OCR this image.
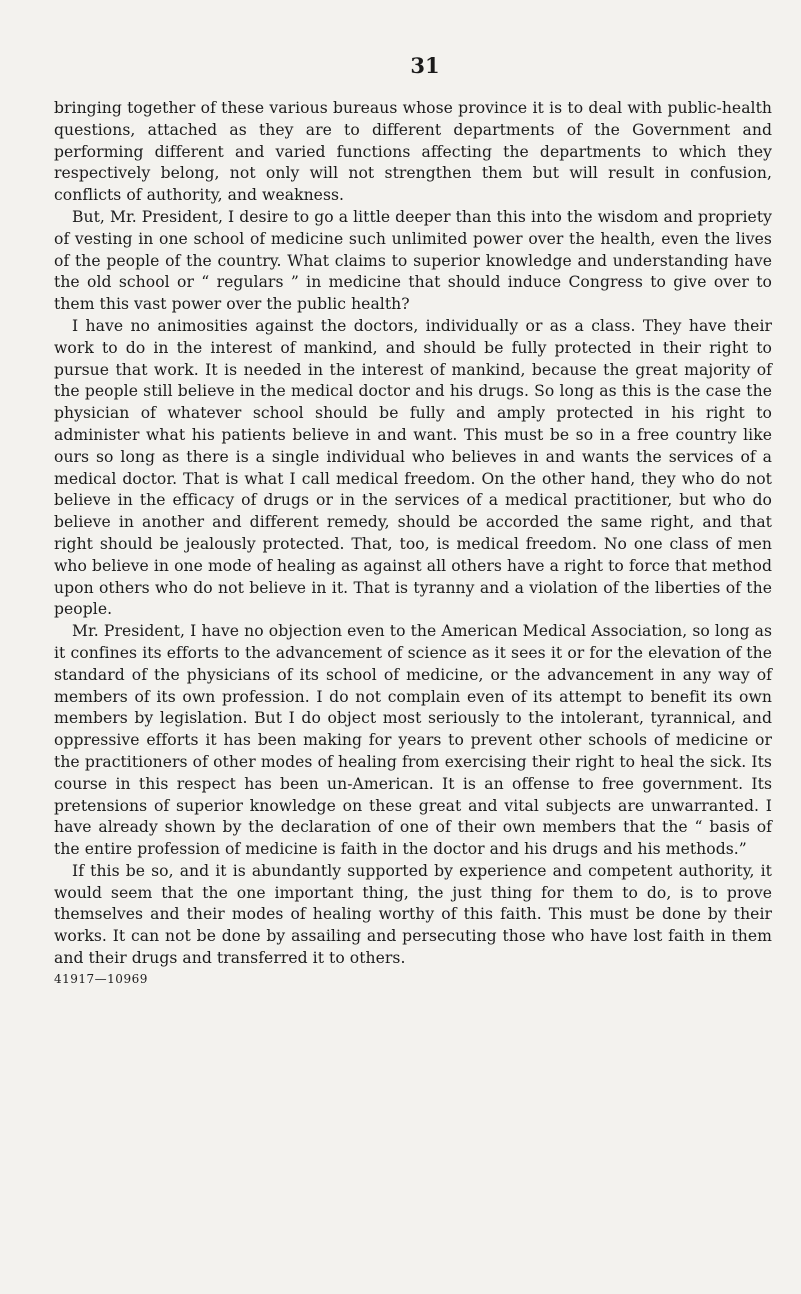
31

bringing together of these various bureaus whose province it is to deal with public-health questions, attached as they are to different departments of the Government and performing different and varied functions affecting the departments to which they respectively belong, not only will not strengthen them but will result in confusion, conflicts of authority, and weakness.

But, Mr. President, I desire to go a little deeper than this into the wisdom and propriety of vesting in one school of medicine such unlimited power over the health, even the lives of the people of the country. What claims to superior knowledge and understanding have the old school or “ regulars ” in medicine that should induce Congress to give over to them this vast power over the public health?

I have no animosities against the doctors, individually or as a class. They have their work to do in the interest of mankind, and should be fully protected in their right to pursue that work. It is needed in the interest of mankind, because the great majority of the people still believe in the medical doctor and his drugs. So long as this is the case the physician of whatever school should be fully and amply protected in his right to administer what his patients believe in and want. This must be so in a free country like ours so long as there is a single individual who believes in and wants the services of a medical doctor. That is what I call medical freedom. On the other hand, they who do not believe in the efficacy of drugs or in the services of a medical practitioner, but who do believe in another and different remedy, should be accorded the same right, and that right should be jealously protected. That, too, is medical freedom. No one class of men who believe in one mode of healing as against all others have a right to force that method upon others who do not believe in it. That is tyranny and a violation of the liberties of the people.

Mr. President, I have no objection even to the American Medical Association, so long as it confines its efforts to the advancement of science as it sees it or for the elevation of the standard of the physicians of its school of medicine, or the advancement in any way of members of its own profession. I do not complain even of its attempt to benefit its own members by legislation. But I do object most seriously to the intolerant, tyrannical, and oppressive efforts it has been making for years to prevent other schools of medicine or the practitioners of other modes of healing from exercising their right to heal the sick. Its course in this respect has been un-American. It is an offense to free government. Its pretensions of superior knowledge on these great and vital subjects are unwarranted. I have already shown by the declaration of one of their own members that the “ basis of the entire profession of medicine is faith in the doctor and his drugs and his methods.”

If this be so, and it is abundantly supported by experience and competent authority, it would seem that the one important thing, the just thing for them to do, is to prove themselves and their modes of healing worthy of this faith. This must be done by their works. It can not be done by assailing and persecuting those who have lost faith in them and their drugs and transferred it to others.

41917—10969
